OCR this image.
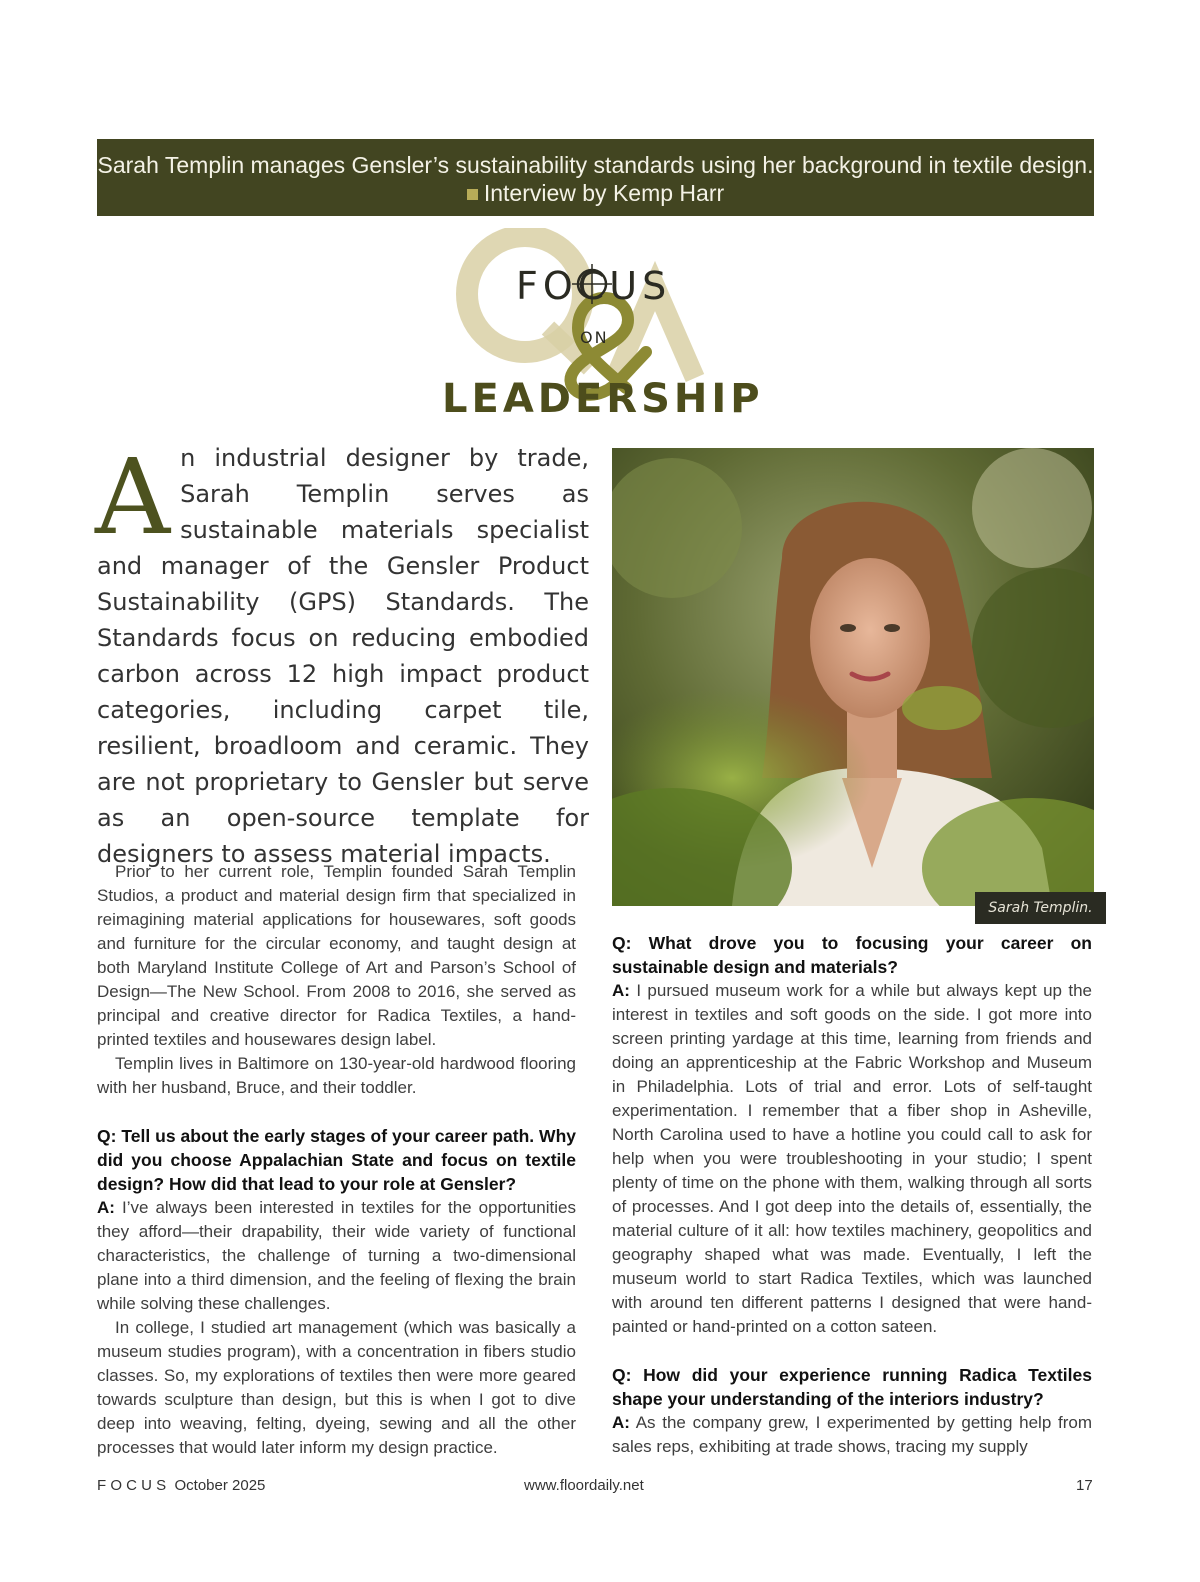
Sarah Templin manages Gensler’s sustainability standards using her background in textile design.
Interview by Kemp Harr
FOCUS
ON
LEADERSHIP
A n industrial designer by trade, Sarah Templin serves as sustainable materials specialist and manager of the Gensler Product Sustainability (GPS) Standards. The Standards focus on reducing embodied carbon across 12 high impact product categories, including carpet tile, resilient, broadloom and ceramic. They are not proprietary to Gensler but serve as an open-source template for designers to assess material impacts.

Prior to her current role, Templin founded Sarah Templin Studios, a product and material design firm that specialized in reimagining material applications for housewares, soft goods and furniture for the circular economy, and taught design at both Maryland Institute College of Art and Parson’s School of Design—The New School. From 2008 to 2016, she served as principal and creative director for Radica Textiles, a hand-printed textiles and housewares design label.

Templin lives in Baltimore on 130-year-old hardwood flooring with her husband, Bruce, and their toddler.

Q: Tell us about the early stages of your career path. Why did you choose Appalachian State and focus on textile design? How did that lead to your role at Gensler?

A: I’ve always been interested in textiles for the opportunities they afford—their drapability, their wide variety of functional characteristics, the challenge of turning a two-dimensional plane into a third dimension, and the feeling of flexing the brain while solving these challenges.

In college, I studied art management (which was basically a museum studies program), with a concentration in fibers studio classes. So, my explorations of textiles then were more geared towards sculpture than design, but this is when I got to dive deep into weaving, felting, dyeing, sewing and all the other processes that would later inform my design practice.

Sarah Templin.

Q: What drove you to focusing your career on sustainable design and materials?

A: I pursued museum work for a while but always kept up the interest in textiles and soft goods on the side. I got more into screen printing yardage at this time, learning from friends and doing an apprenticeship at the Fabric Workshop and Museum in Philadelphia. Lots of trial and error. Lots of self-taught experimentation. I remember that a fiber shop in Asheville, North Carolina used to have a hotline you could call to ask for help when you were troubleshooting in your studio; I spent plenty of time on the phone with them, walking through all sorts of processes. And I got deep into the details of, essentially, the material culture of it all: how textiles machinery, geopolitics and geography shaped what was made. Eventually, I left the museum world to start Radica Textiles, which was launched with around ten different patterns I designed that were hand-painted or hand-printed on a cotton sateen.

Q: How did your experience running Radica Textiles shape your understanding of the interiors industry?

A: As the company grew, I experimented by getting help from sales reps, exhibiting at trade shows, tracing my supply

F O C U S  October 2025	www.floordaily.net	17
